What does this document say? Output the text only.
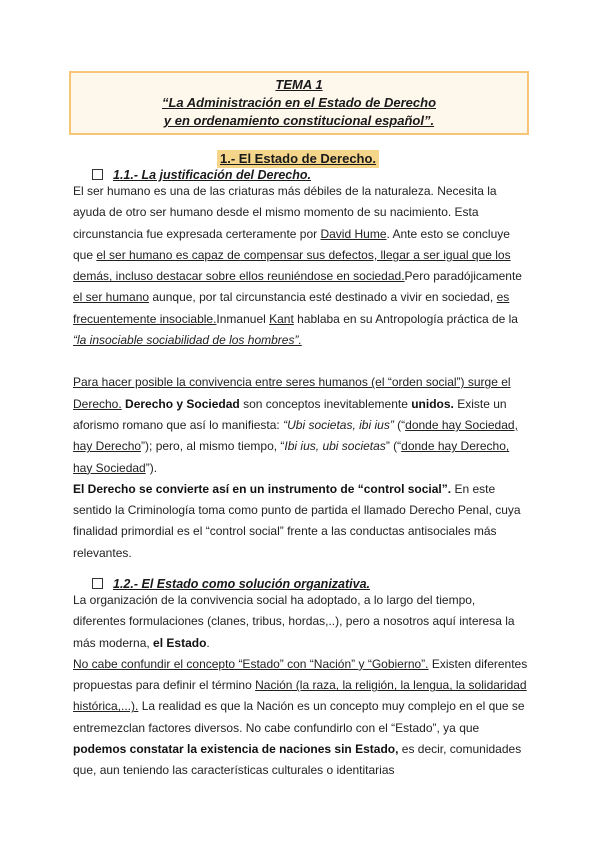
TEMA 1
“La Administración en el Estado de Derecho
y en ordenamiento constitucional español”.
1.- El Estado de Derecho.
1.1.- La justificación del Derecho.

El ser humano es una de las criaturas más débiles de la naturaleza. Necesita la ayuda de otro ser humano desde el mismo momento de su nacimiento. Esta circunstancia fue expresada certeramente por David Hume. Ante esto se concluye que el ser humano es capaz de compensar sus defectos, llegar a ser igual que los demás, incluso destacar sobre ellos reuniéndose en sociedad.Pero paradójicamente el ser humano aunque, por tal circunstancia esté destinado a vivir en sociedad, es frecuentemente insociable.Inmanuel Kant hablaba en su Antropología práctica de la “la insociable sociabilidad de los hombres”.

Para hacer posible la convivencia entre seres humanos (el “orden social”) surge el Derecho. Derecho y Sociedad son conceptos inevitablemente unidos. Existe un aforismo romano que así lo manifiesta: “Ubi societas, ibi ius” (“donde hay Sociedad, hay Derecho”); pero, al mismo tiempo, “Ibi ius, ubi societas” (“donde hay Derecho, hay Sociedad”).

El Derecho se convierte así en un instrumento de “control social”. En este sentido la Criminología toma como punto de partida el llamado Derecho Penal, cuya finalidad primordial es el “control social” frente a las conductas antisociales más relevantes.

1.2.- El Estado como solución organizativa.

La organización de la convivencia social ha adoptado, a lo largo del tiempo, diferentes formulaciones (clanes, tribus, hordas,..), pero a nosotros aquí interesa la más moderna, el Estado.

No cabe confundir el concepto “Estado” con “Nación” y “Gobierno”. Existen diferentes propuestas para definir el término Nación (la raza, la religión, la lengua, la solidaridad histórica,...). La realidad es que la Nación es un concepto muy complejo en el que se entremezclan factores diversos. No cabe confundirlo con el “Estado”, ya que podemos constatar la existencia de naciones sin Estado, es decir, comunidades que, aun teniendo las características culturales o identitarias
